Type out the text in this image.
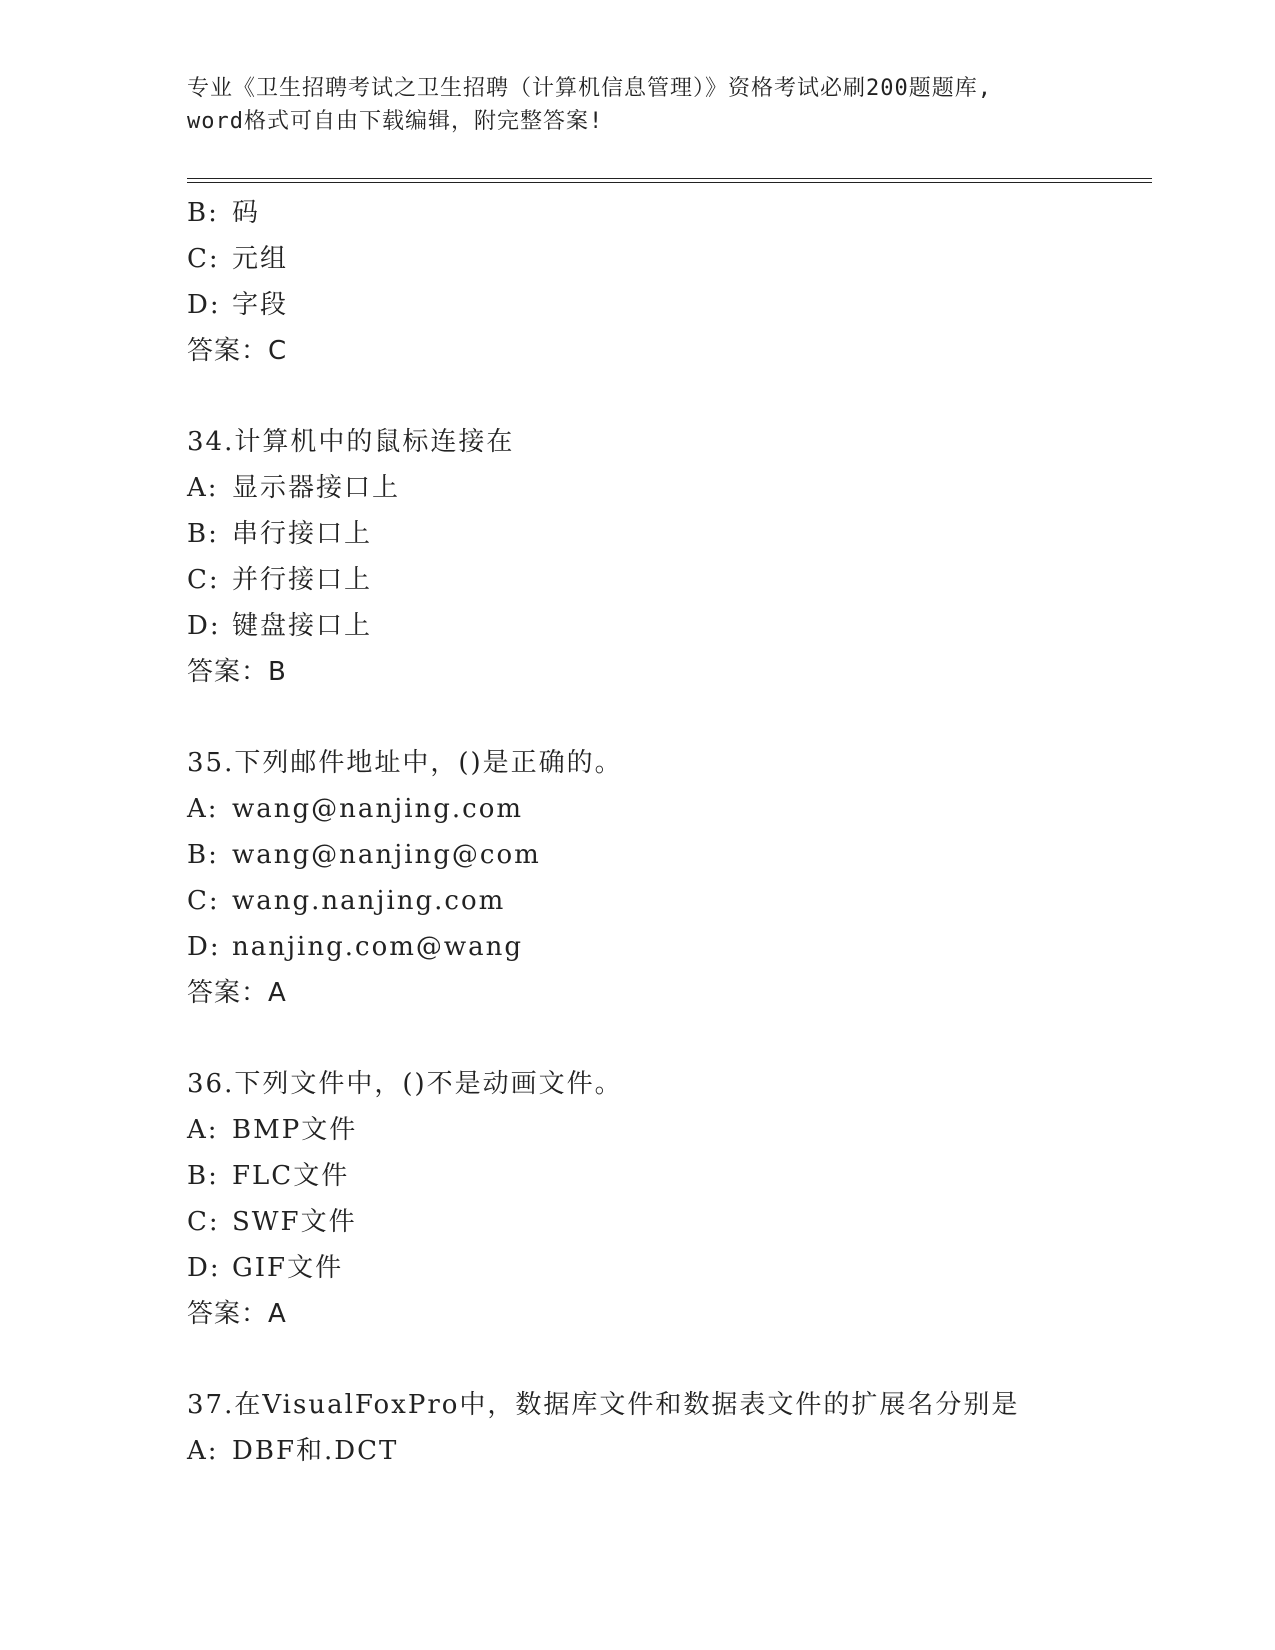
专业《卫生招聘考试之卫生招聘（计算机信息管理）》资格考试必刷200题题库,
word格式可自由下载编辑，附完整答案!
B: 码
C: 元组
D: 字段
答案：C
34.计算机中的鼠标连接在
A: 显示器接口上
B: 串行接口上
C: 并行接口上
D: 键盘接口上
答案：B
35.下列邮件地址中，()是正确的。
A: wang@nanjing.com
B: wang@nanjing@com
C: wang.nanjing.com
D: nanjing.com@wang
答案：A
36.下列文件中，()不是动画文件。
A: BMP文件
B: FLC文件
C: SWF文件
D: GIF文件
答案：A
37.在VisualFoxPro中，数据库文件和数据表文件的扩展名分别是
A: DBF和.DCT
